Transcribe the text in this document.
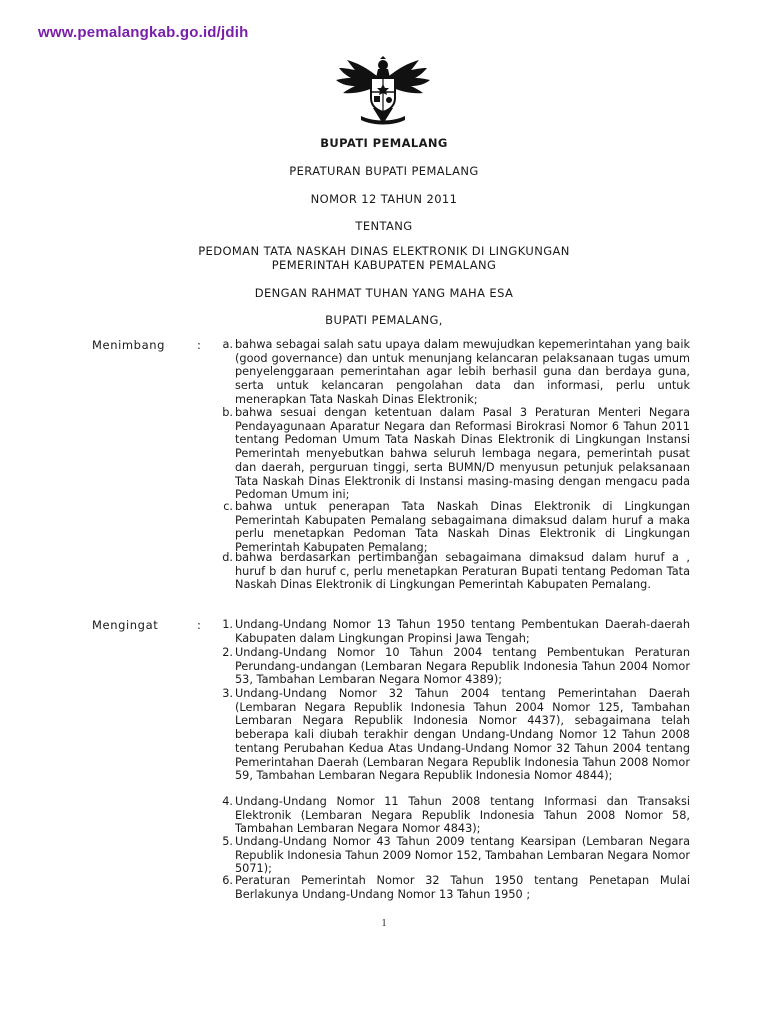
www.pemalangkab.go.id/jdih
BUPATI PEMALANG
PERATURAN BUPATI PEMALANG
NOMOR 12 TAHUN 2011
TENTANG
PEDOMAN TATA NASKAH DINAS ELEKTRONIK DI LINGKUNGAN
PEMERINTAH KABUPATEN PEMALANG
DENGAN RAHMAT TUHAN YANG MAHA ESA
BUPATI PEMALANG,
Menimbang	:	a. bahwa sebagai salah satu upaya dalam mewujudkan kepemerintahan yang baik (good governance) dan untuk menunjang kelancaran pelaksanaan tugas umum penyelenggaraan pemerintahan agar lebih berhasil guna dan berdaya guna, serta untuk kelancaran pengolahan data dan informasi, perlu untuk menerapkan Tata Naskah Dinas Elektronik;
b. bahwa sesuai dengan ketentuan dalam Pasal 3 Peraturan Menteri Negara Pendayagunaan Aparatur Negara dan Reformasi Birokrasi Nomor 6 Tahun 2011 tentang Pedoman Umum Tata Naskah Dinas Elektronik di Lingkungan Instansi Pemerintah menyebutkan bahwa seluruh lembaga negara, pemerintah pusat dan daerah, perguruan tinggi, serta BUMN/D menyusun petunjuk pelaksanaan Tata Naskah Dinas Elektronik di Instansi masing-masing dengan mengacu pada Pedoman Umum ini;
c. bahwa untuk penerapan Tata Naskah Dinas Elektronik di Lingkungan Pemerintah Kabupaten Pemalang sebagaimana dimaksud dalam huruf a maka perlu menetapkan Pedoman Tata Naskah Dinas Elektronik di Lingkungan Pemerintah Kabupaten Pemalang;
d. bahwa berdasarkan pertimbangan sebagaimana dimaksud dalam huruf a , huruf b dan huruf c, perlu menetapkan Peraturan Bupati tentang Pedoman Tata Naskah Dinas Elektronik di Lingkungan Pemerintah Kabupaten Pemalang.
Mengingat	:	1. Undang-Undang Nomor 13 Tahun 1950 tentang Pembentukan Daerah-daerah Kabupaten dalam Lingkungan Propinsi Jawa Tengah;
2. Undang-Undang Nomor 10 Tahun 2004 tentang Pembentukan Peraturan Perundang-undangan (Lembaran Negara Republik Indonesia Tahun 2004 Nomor 53, Tambahan Lembaran Negara Nomor 4389);
3. Undang-Undang Nomor 32 Tahun 2004 tentang Pemerintahan Daerah (Lembaran Negara Republik Indonesia Tahun 2004 Nomor 125, Tambahan Lembaran Negara Republik Indonesia Nomor 4437), sebagaimana telah beberapa kali diubah terakhir dengan Undang-Undang Nomor 12 Tahun 2008 tentang Perubahan Kedua Atas Undang-Undang Nomor 32 Tahun 2004 tentang Pemerintahan Daerah (Lembaran Negara Republik Indonesia Tahun 2008 Nomor 59, Tambahan Lembaran Negara Republik Indonesia Nomor 4844);
4. Undang-Undang Nomor 11 Tahun 2008 tentang Informasi dan Transaksi Elektronik (Lembaran Negara Republik Indonesia Tahun 2008 Nomor 58, Tambahan Lembaran Negara Nomor 4843);
5. Undang-Undang Nomor 43 Tahun 2009 tentang Kearsipan (Lembaran Negara Republik Indonesia Tahun 2009 Nomor 152, Tambahan Lembaran Negara Nomor 5071);
6. Peraturan Pemerintah Nomor 32 Tahun 1950 tentang Penetapan Mulai Berlakunya Undang-Undang Nomor 13 Tahun 1950 ;
1
